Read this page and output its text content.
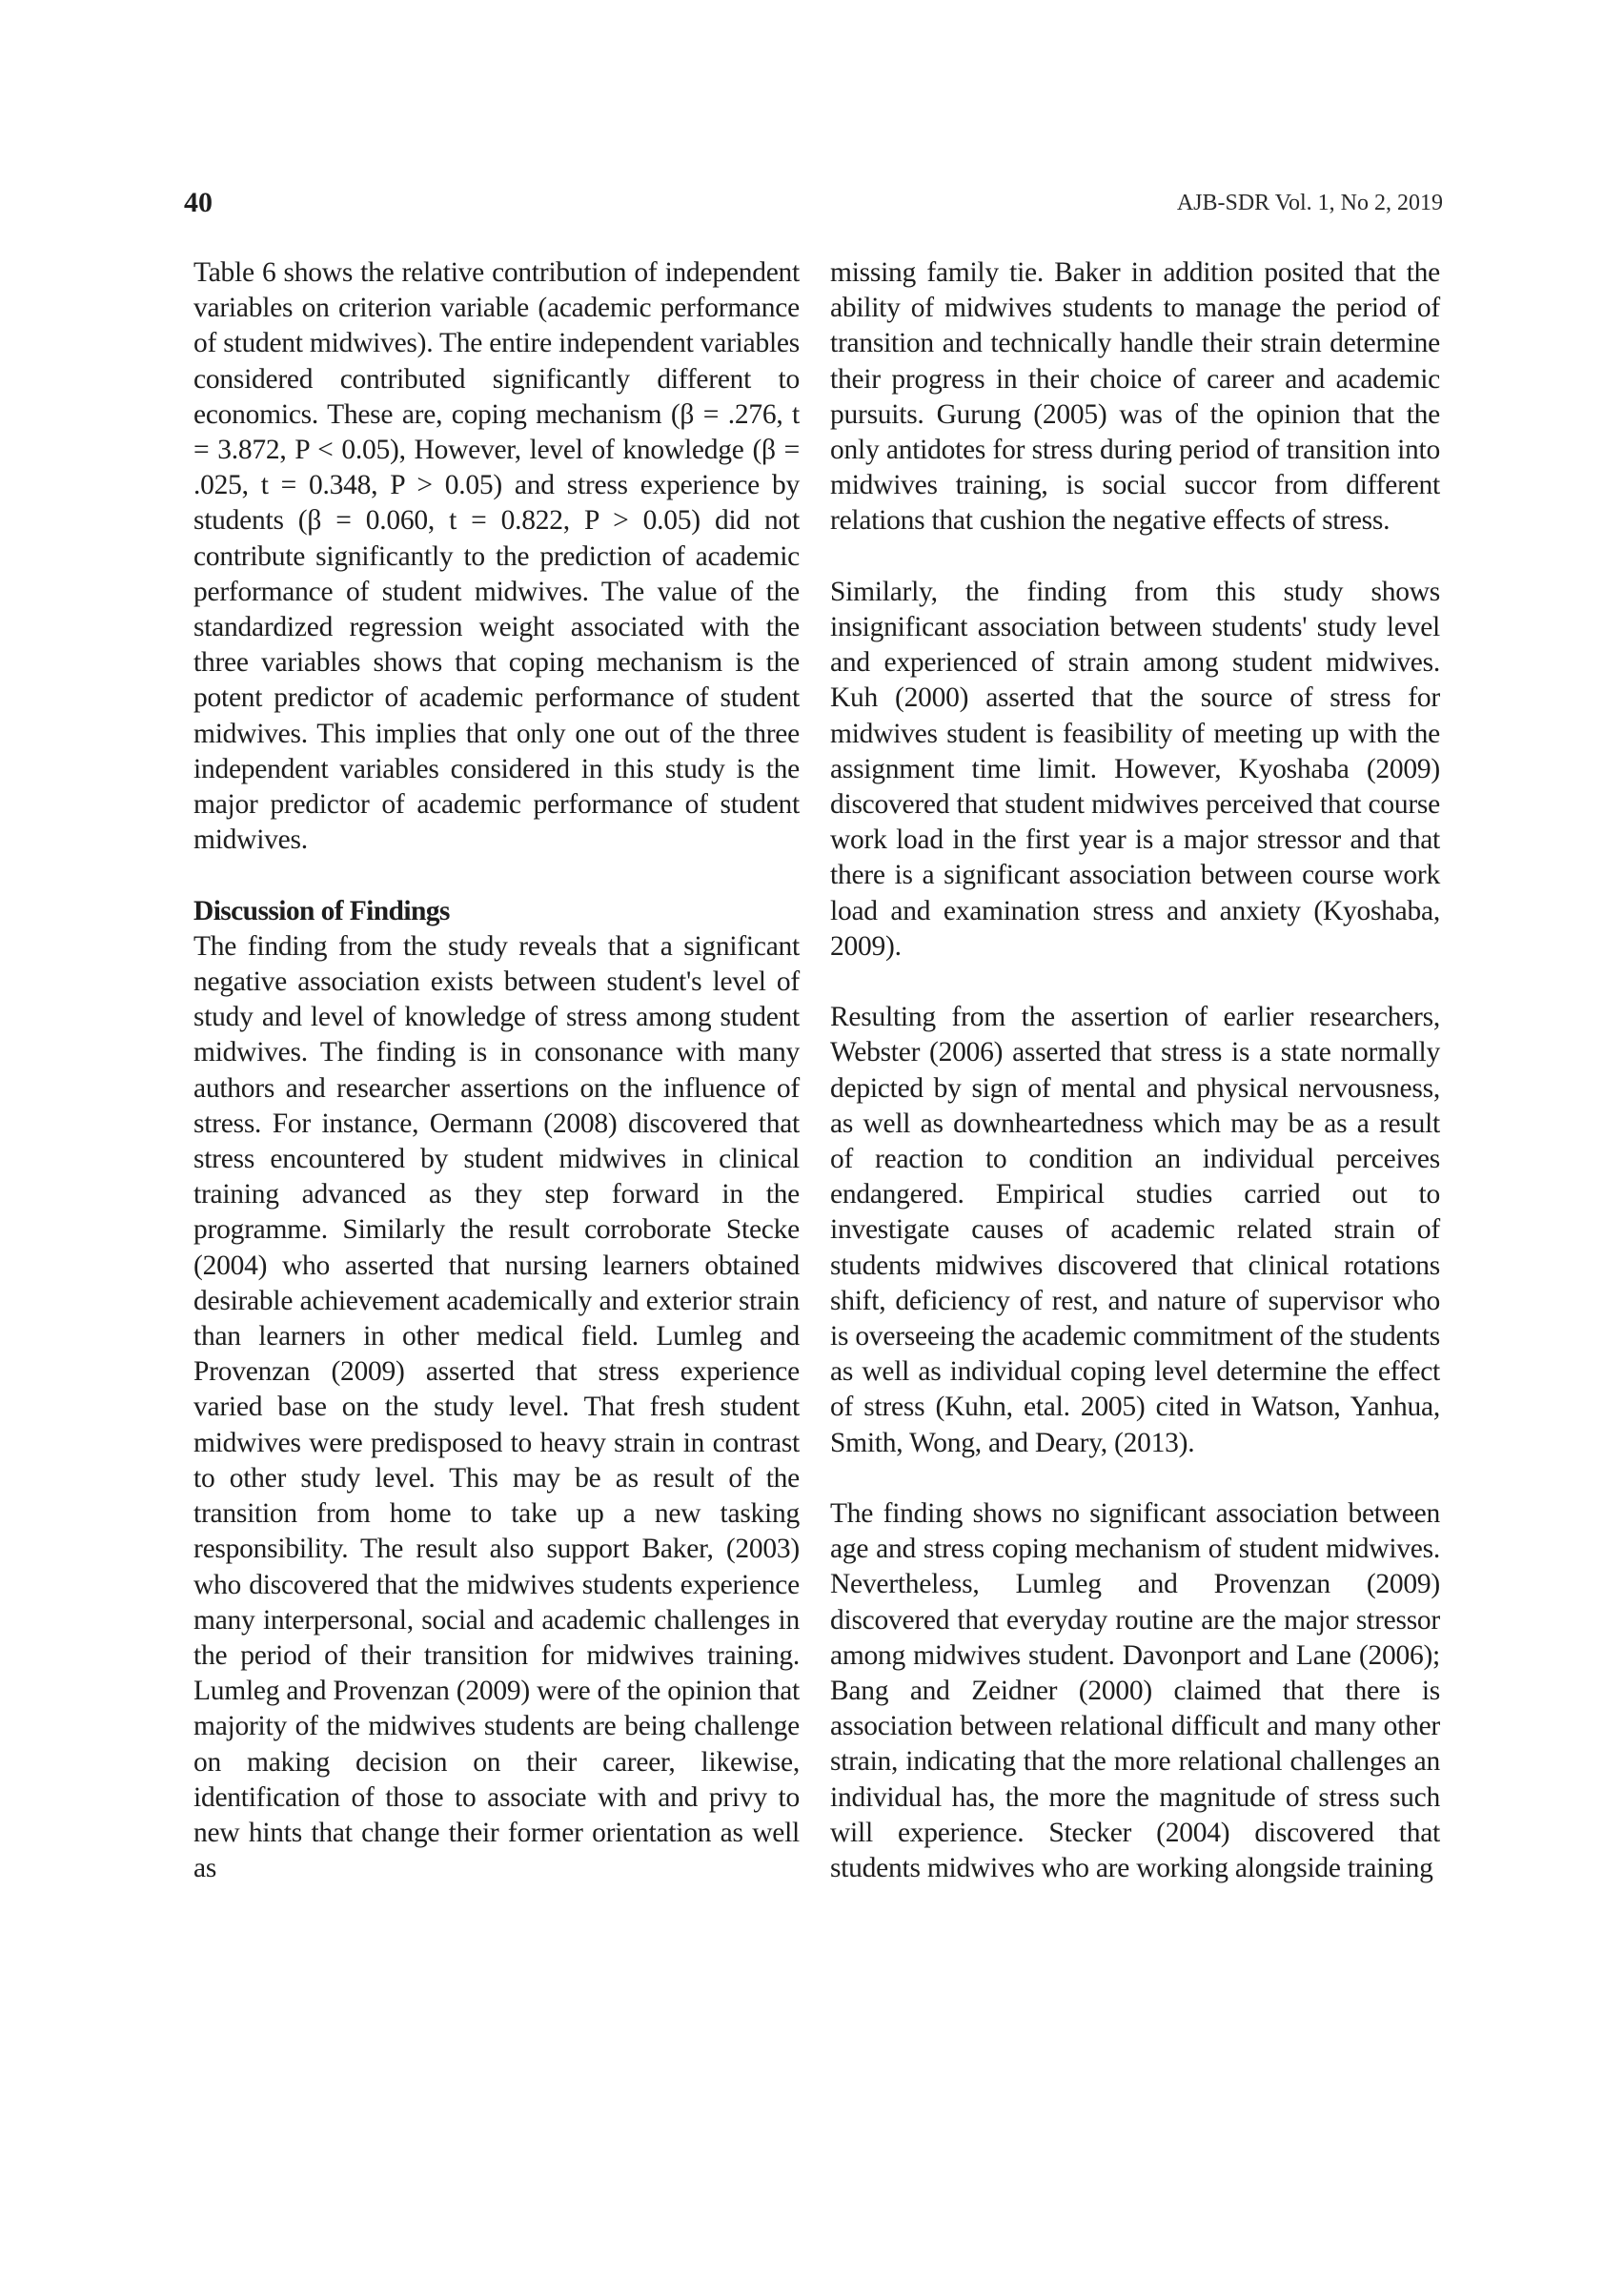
40	AJB-SDR Vol. 1, No 2, 2019

Table 6 shows the relative contribution of independent variables on criterion variable (academic performance of student midwives). The entire independent variables considered contributed significantly different to economics. These are, coping mechanism (β = .276, t = 3.872, P < 0.05), However, level of knowledge (β = .025, t = 0.348, P > 0.05) and stress experience by students (β = 0.060, t = 0.822, P > 0.05) did not contribute significantly to the prediction of academic performance of student midwives. The value of the standardized regression weight associated with the three variables shows that coping mechanism is the potent predictor of academic performance of student midwives. This implies that only one out of the three independent variables considered in this study is the major predictor of academic performance of student midwives.

Discussion of Findings

The finding from the study reveals that a significant negative association exists between student's level of study and level of knowledge of stress among student midwives. The finding is in consonance with many authors and researcher assertions on the influence of stress. For instance, Oermann (2008) discovered that stress encountered by student midwives in clinical training advanced as they step forward in the programme. Similarly the result corroborate Stecke (2004) who asserted that nursing learners obtained desirable achievement academically and exterior strain than learners in other medical field. Lumleg and Provenzan (2009) asserted that stress experience varied base on the study level. That fresh student midwives were predisposed to heavy strain in contrast to other study level. This may be as result of the transition from home to take up a new tasking responsibility. The result also support Baker, (2003) who discovered that the midwives students experience many interpersonal, social and academic challenges in the period of their transition for midwives training. Lumleg and Provenzan (2009) were of the opinion that majority of the midwives students are being challenge on making decision on their career, likewise, identification of those to associate with and privy to new hints that change their former orientation as well as

missing family tie. Baker in addition posited that the ability of midwives students to manage the period of transition and technically handle their strain determine their progress in their choice of career and academic pursuits. Gurung (2005) was of the opinion that the only antidotes for stress during period of transition into midwives training, is social succor from different relations that cushion the negative effects of stress.

Similarly, the finding from this study shows insignificant association between students' study level and experienced of strain among student midwives. Kuh (2000) asserted that the source of stress for midwives student is feasibility of meeting up with the assignment time limit. However, Kyoshaba (2009) discovered that student midwives perceived that course work load in the first year is a major stressor and that there is a significant association between course work load and examination stress and anxiety (Kyoshaba, 2009).

Resulting from the assertion of earlier researchers, Webster (2006) asserted that stress is a state normally depicted by sign of mental and physical nervousness, as well as downheartedness which may be as a result of reaction to condition an individual perceives endangered. Empirical studies carried out to investigate causes of academic related strain of students midwives discovered that clinical rotations shift, deficiency of rest, and nature of supervisor who is overseeing the academic commitment of the students as well as individual coping level determine the effect of stress (Kuhn, etal. 2005) cited in Watson, Yanhua, Smith, Wong, and Deary, (2013).

The finding shows no significant association between age and stress coping mechanism of student midwives. Nevertheless, Lumleg and Provenzan (2009) discovered that everyday routine are the major stressor among midwives student. Davonport and Lane (2006); Bang and Zeidner (2000) claimed that there is association between relational difficult and many other strain, indicating that the more relational challenges an individual has, the more the magnitude of stress such will experience. Stecker (2004) discovered that students midwives who are working alongside training
